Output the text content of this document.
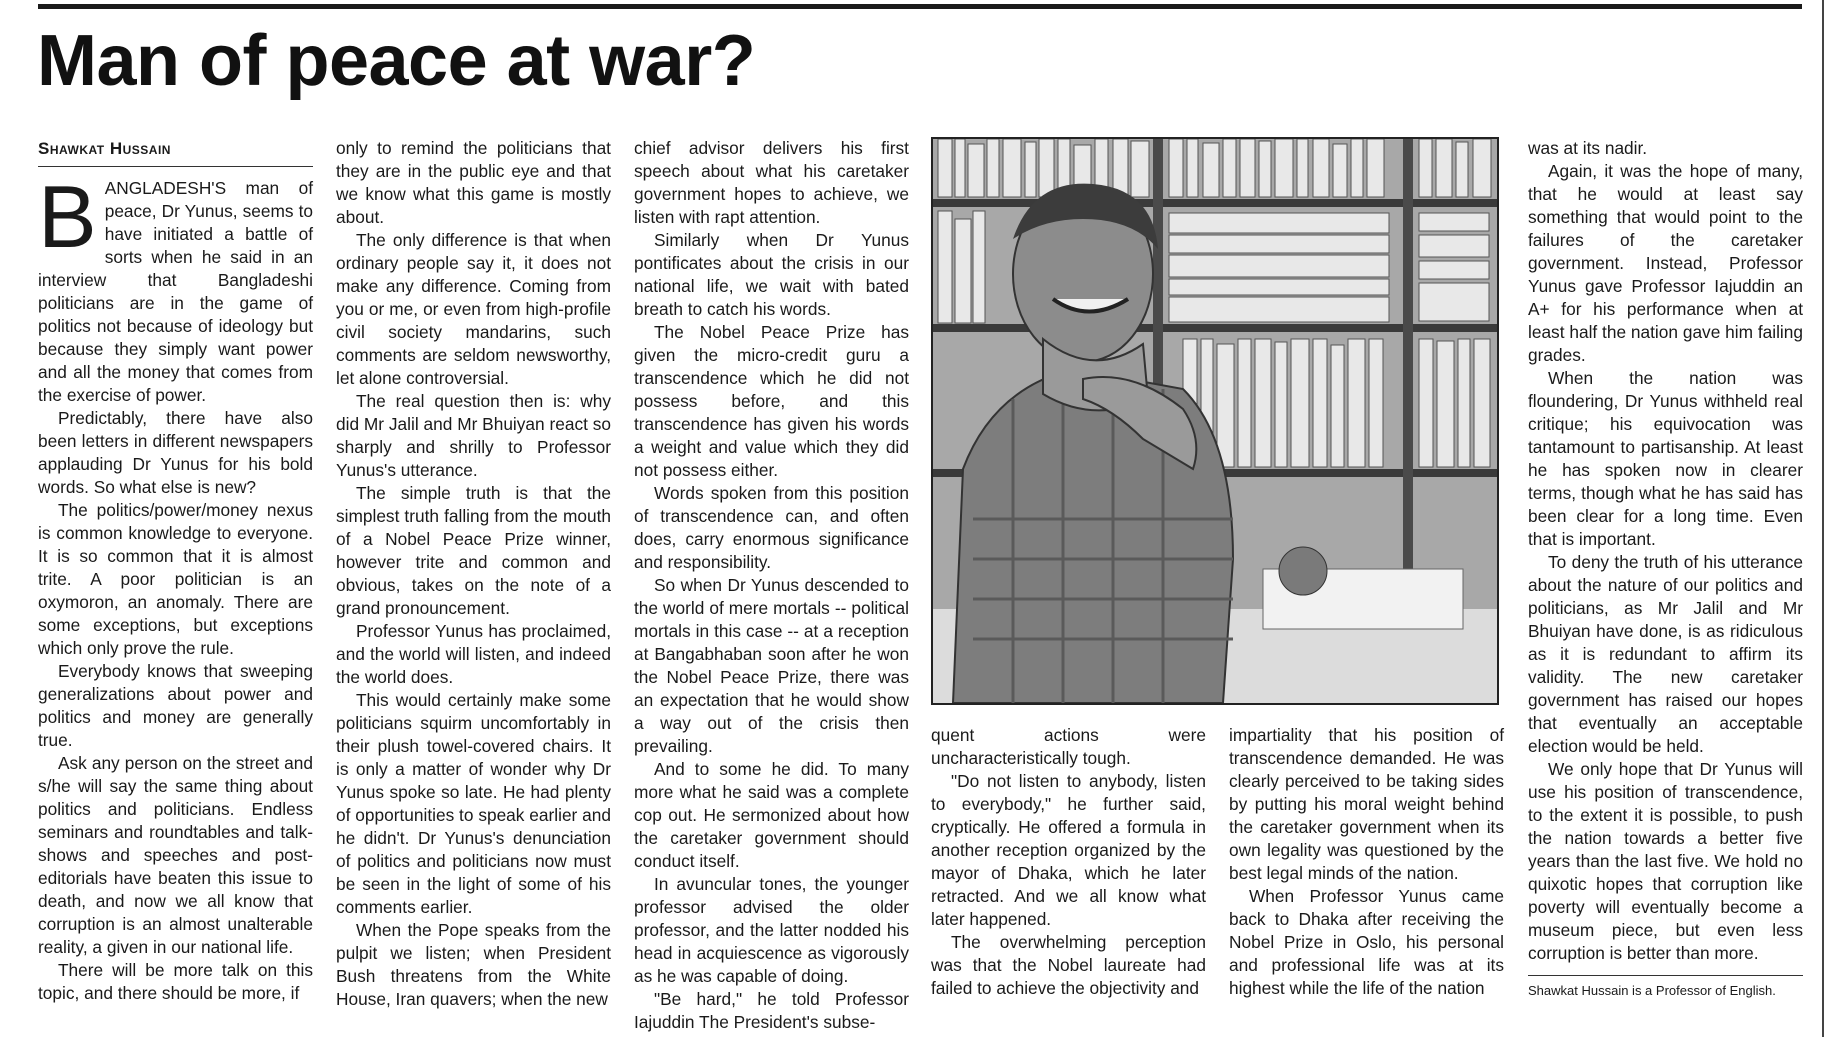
Man of peace at war?
Shawkat Hussain

BANGLADESH'S man of peace, Dr Yunus, seems to have initiated a battle of sorts when he said in an interview that Bangladeshi politicians are in the game of politics not because of ideology but because they simply want power and all the money that comes from the exercise of power.

Predictably, there have also been letters in different newspapers applauding Dr Yunus for his bold words. So what else is new?

The politics/power/money nexus is common knowledge to everyone. It is so common that it is almost trite. A poor politician is an oxymoron, an anomaly. There are some exceptions, but exceptions which only prove the rule.

Everybody knows that sweeping generalizations about power and politics and money are generally true.

Ask any person on the street and s/he will say the same thing about politics and politicians. Endless seminars and roundtables and talk-shows and speeches and post-editorials have beaten this issue to death, and now we all know that corruption is an almost unalterable reality, a given in our national life.

There will be more talk on this topic, and there should be more, if

only to remind the politicians that they are in the public eye and that we know what this game is mostly about.

The only difference is that when ordinary people say it, it does not make any difference. Coming from you or me, or even from high-profile civil society mandarins, such comments are seldom newsworthy, let alone controversial.

The real question then is: why did Mr Jalil and Mr Bhuiyan react so sharply and shrilly to Professor Yunus's utterance.

The simple truth is that the simplest truth falling from the mouth of a Nobel Peace Prize winner, however trite and common and obvious, takes on the note of a grand pronouncement.

Professor Yunus has proclaimed, and the world will listen, and indeed the world does.

This would certainly make some politicians squirm uncomfortably in their plush towel-covered chairs. It is only a matter of wonder why Dr Yunus spoke so late. He had plenty of opportunities to speak earlier and he didn't. Dr Yunus's denunciation of politics and politicians now must be seen in the light of some of his comments earlier.

When the Pope speaks from the pulpit we listen; when President Bush threatens from the White House, Iran quavers; when the new

chief advisor delivers his first speech about what his caretaker government hopes to achieve, we listen with rapt attention.

Similarly when Dr Yunus pontificates about the crisis in our national life, we wait with bated breath to catch his words.

The Nobel Peace Prize has given the micro-credit guru a transcendence which he did not possess before, and this transcendence has given his words a weight and value which they did not possess either.

Words spoken from this position of transcendence can, and often does, carry enormous significance and responsibility.

So when Dr Yunus descended to the world of mere mortals -- political mortals in this case -- at a reception at Bangabhaban soon after he won the Nobel Peace Prize, there was an expectation that he would show a way out of the crisis then prevailing.

And to some he did. To many more what he said was a complete cop out. He sermonized about how the caretaker government should conduct itself.

In avuncular tones, the younger professor advised the older professor, and the latter nodded his head in acquiescence as vigorously as he was capable of doing.

"Be hard," he told Professor Iajuddin The President's subse-

quent actions were uncharacteristically tough.

"Do not listen to anybody, listen to everybody," he further said, cryptically. He offered a formula in another reception organized by the mayor of Dhaka, which he later retracted. And we all know what later happened.

The overwhelming perception was that the Nobel laureate had failed to achieve the objectivity and

impartiality that his position of transcendence demanded. He was clearly perceived to be taking sides by putting his moral weight behind the caretaker government when its own legality was questioned by the best legal minds of the nation.

When Professor Yunus came back to Dhaka after receiving the Nobel Prize in Oslo, his personal and professional life was at its highest while the life of the nation

was at its nadir.

Again, it was the hope of many, that he would at least say something that would point to the failures of the caretaker government. Instead, Professor Yunus gave Professor Iajuddin an A+ for his performance when at least half the nation gave him failing grades.

When the nation was floundering, Dr Yunus withheld real critique; his equivocation was tantamount to partisanship. At least he has spoken now in clearer terms, though what he has said has been clear for a long time. Even that is important.

To deny the truth of his utterance about the nature of our politics and politicians, as Mr Jalil and Mr Bhuiyan have done, is as ridiculous as it is redundant to affirm its validity. The new caretaker government has raised our hopes that eventually an acceptable election would be held.

We only hope that Dr Yunus will use his position of transcendence, to the extent it is possible, to push the nation towards a better five years than the last five. We hold no quixotic hopes that corruption like poverty will eventually become a museum piece, but even less corruption is better than more.

Shawkat Hussain is a Professor of English.
